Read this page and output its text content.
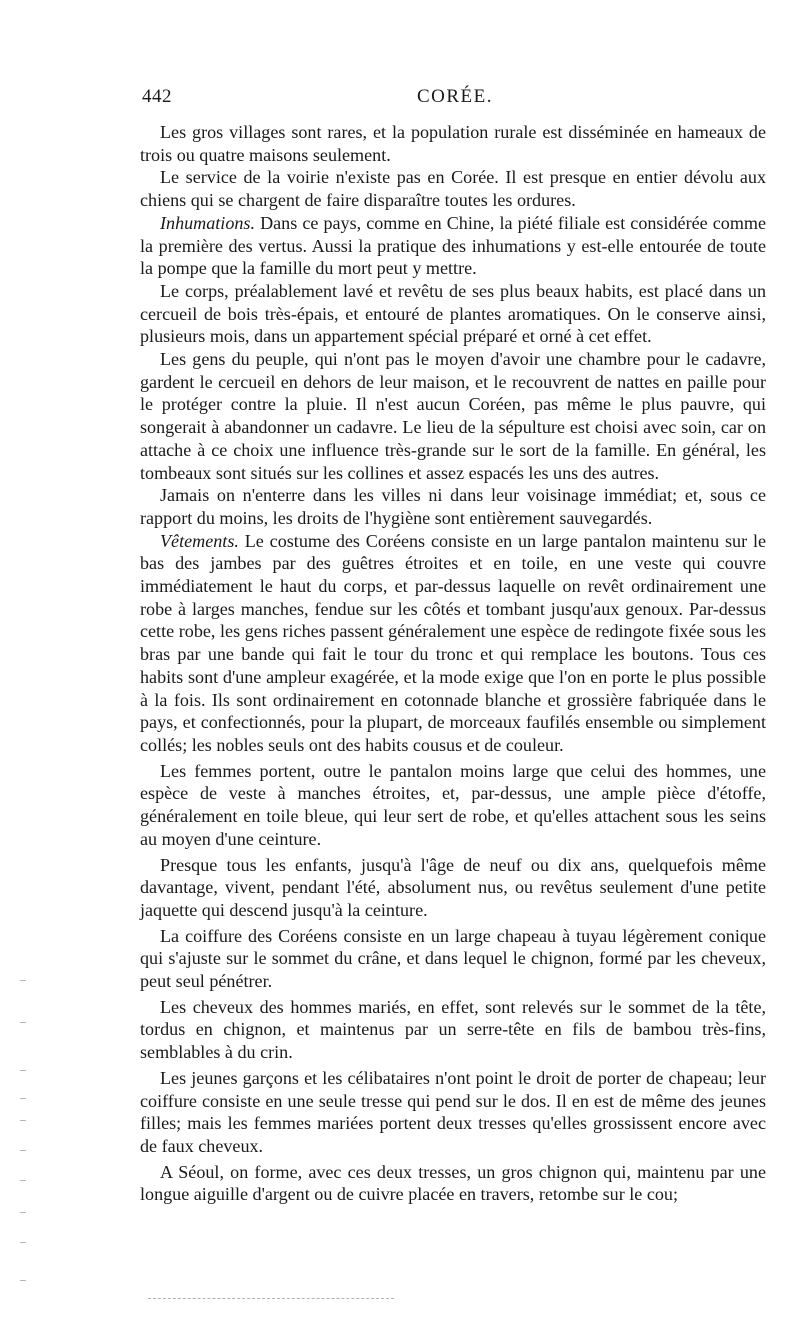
442	CORÉE.

Les gros villages sont rares, et la population rurale est disséminée en hameaux de trois ou quatre maisons seulement.

Le service de la voirie n'existe pas en Corée. Il est presque en entier dévolu aux chiens qui se chargent de faire disparaître toutes les ordures.

Inhumations. Dans ce pays, comme en Chine, la piété filiale est considérée comme la première des vertus. Aussi la pratique des inhumations y est-elle entourée de toute la pompe que la famille du mort peut y mettre.

Le corps, préalablement lavé et revêtu de ses plus beaux habits, est placé dans un cercueil de bois très-épais, et entouré de plantes aromatiques. On le conserve ainsi, plusieurs mois, dans un appartement spécial préparé et orné à cet effet.

Les gens du peuple, qui n'ont pas le moyen d'avoir une chambre pour le cadavre, gardent le cercueil en dehors de leur maison, et le recouvrent de nattes en paille pour le protéger contre la pluie. Il n'est aucun Coréen, pas même le plus pauvre, qui songerait à abandonner un cadavre. Le lieu de la sépulture est choisi avec soin, car on attache à ce choix une influence très-grande sur le sort de la famille. En général, les tombeaux sont situés sur les collines et assez espacés les uns des autres.

Jamais on n'enterre dans les villes ni dans leur voisinage immédiat; et, sous ce rapport du moins, les droits de l'hygiène sont entièrement sauvegardés.

Vêtements. Le costume des Coréens consiste en un large pantalon maintenu sur le bas des jambes par des guêtres étroites et en toile, en une veste qui couvre immédiatement le haut du corps, et par-dessus laquelle on revêt ordinairement une robe à larges manches, fendue sur les côtés et tombant jusqu'aux genoux. Par-dessus cette robe, les gens riches passent généralement une espèce de redingote fixée sous les bras par une bande qui fait le tour du tronc et qui remplace les boutons. Tous ces habits sont d'une ampleur exagérée, et la mode exige que l'on en porte le plus possible à la fois. Ils sont ordinairement en cotonnade blanche et grossière fabriquée dans le pays, et confectionnés, pour la plupart, de morceaux faufilés ensemble ou simplement collés; les nobles seuls ont des habits cousus et de couleur.

Les femmes portent, outre le pantalon moins large que celui des hommes, une espèce de veste à manches étroites, et, par-dessus, une ample pièce d'étoffe, généralement en toile bleue, qui leur sert de robe, et qu'elles attachent sous les seins au moyen d'une ceinture.

Presque tous les enfants, jusqu'à l'âge de neuf ou dix ans, quelquefois même davantage, vivent, pendant l'été, absolument nus, ou revêtus seulement d'une petite jaquette qui descend jusqu'à la ceinture.

La coiffure des Coréens consiste en un large chapeau à tuyau légèrement conique qui s'ajuste sur le sommet du crâne, et dans lequel le chignon, formé par les cheveux, peut seul pénétrer.

Les cheveux des hommes mariés, en effet, sont relevés sur le sommet de la tête, tordus en chignon, et maintenus par un serre-tête en fils de bambou très-fins, semblables à du crin.

Les jeunes garçons et les célibataires n'ont point le droit de porter de chapeau; leur coiffure consiste en une seule tresse qui pend sur le dos. Il en est de même des jeunes filles; mais les femmes mariées portent deux tresses qu'elles grossissent encore avec de faux cheveux.

A Séoul, on forme, avec ces deux tresses, un gros chignon qui, maintenu par une longue aiguille d'argent ou de cuivre placée en travers, retombe sur le cou;
